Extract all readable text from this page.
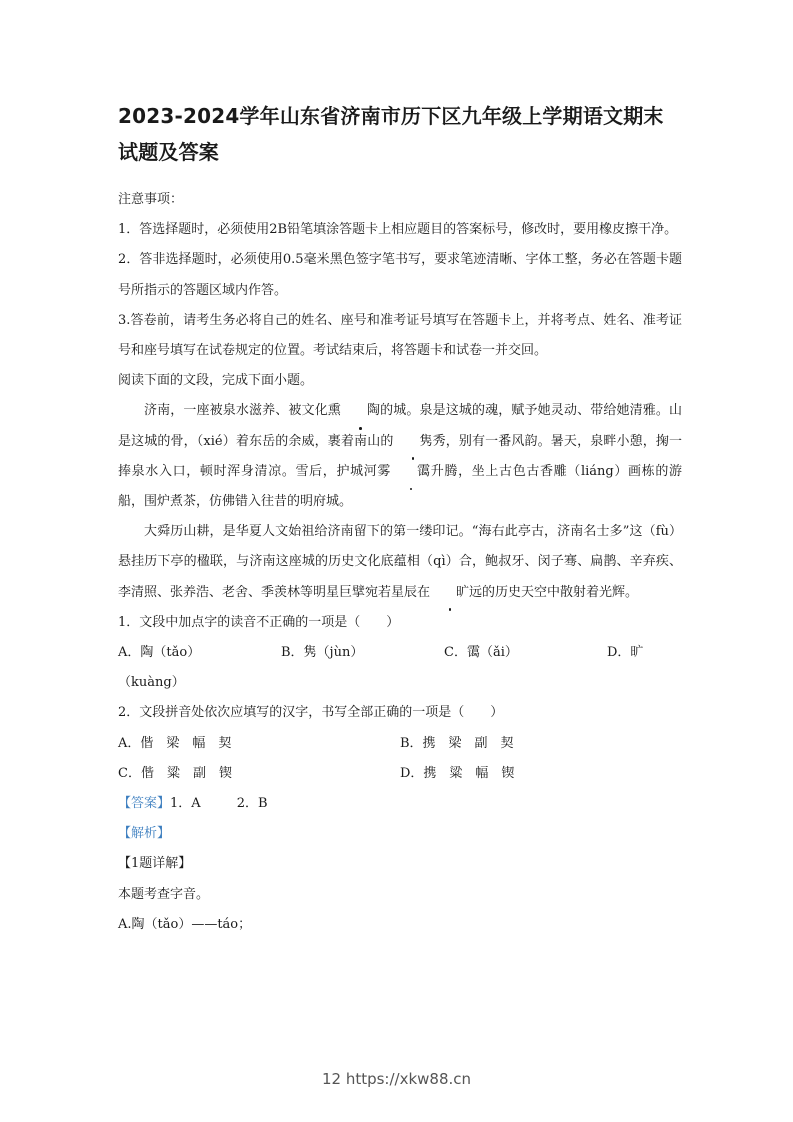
2023-2024学年山东省济南市历下区九年级上学期语文期末
试题及答案

注意事项：

1．答选择题时，必须使用2B铅笔填涂答题卡上相应题目的答案标号，修改时，要用橡皮擦干净。

2．答非选择题时，必须使用0.5毫米黑色签字笔书写，要求笔迹清晰、字体工整，务必在答题卡题号所指示的答题区域内作答。

3.答卷前，请考生务必将自己的姓名、座号和准考证号填写在答题卡上，并将考点、姓名、准考证号和座号填写在试卷规定的位置。考试结束后，将答题卡和试卷一并交回。

阅读下面的文段，完成下面小题。

济南，一座被泉水滋养、被文化熏 陶的城。泉是这城的魂，赋予她灵动、带给她清雅。山是这城的骨，（xié）着东岳的余威，裹着南山的 隽秀，别有一番风韵。暑天，泉畔小憩，掬一捧泉水入口，顿时浑身清凉。雪后，护城河雾 霭升腾，坐上古色古香雕（liáng）画栋的游船，围炉煮茶，仿佛错入往昔的明府城。

大舜历山耕，是华夏人文始祖给济南留下的第一缕印记。“海右此亭古，济南名士多”这（fù）悬挂历下亭的楹联，与济南这座城的历史文化底蕴相（qì）合，鲍叔牙、闵子骞、扁鹊、辛弃疾、李清照、张养浩、老舍、季羡林等明星巨擘宛若星辰在 旷远的历史天空中散射着光辉。

1．文段中加点字的读音不正确的一项是（　　）

A．陶（tǎo）	B．隽（jùn）	C．霭（ǎi）	D．旷

（kuàng）

2．文段拼音处依次应填写的汉字，书写全部正确的一项是（　　）

A．偕　梁　幅　契	B．携　梁　副　契

C．偕　粱　副　锲	D．携　粱　幅　锲

【答案】1．A	2．B

【解析】

【1题详解】

本题考查字音。

A.陶（tǎo）——táo；

12 https://xkw88.cn
